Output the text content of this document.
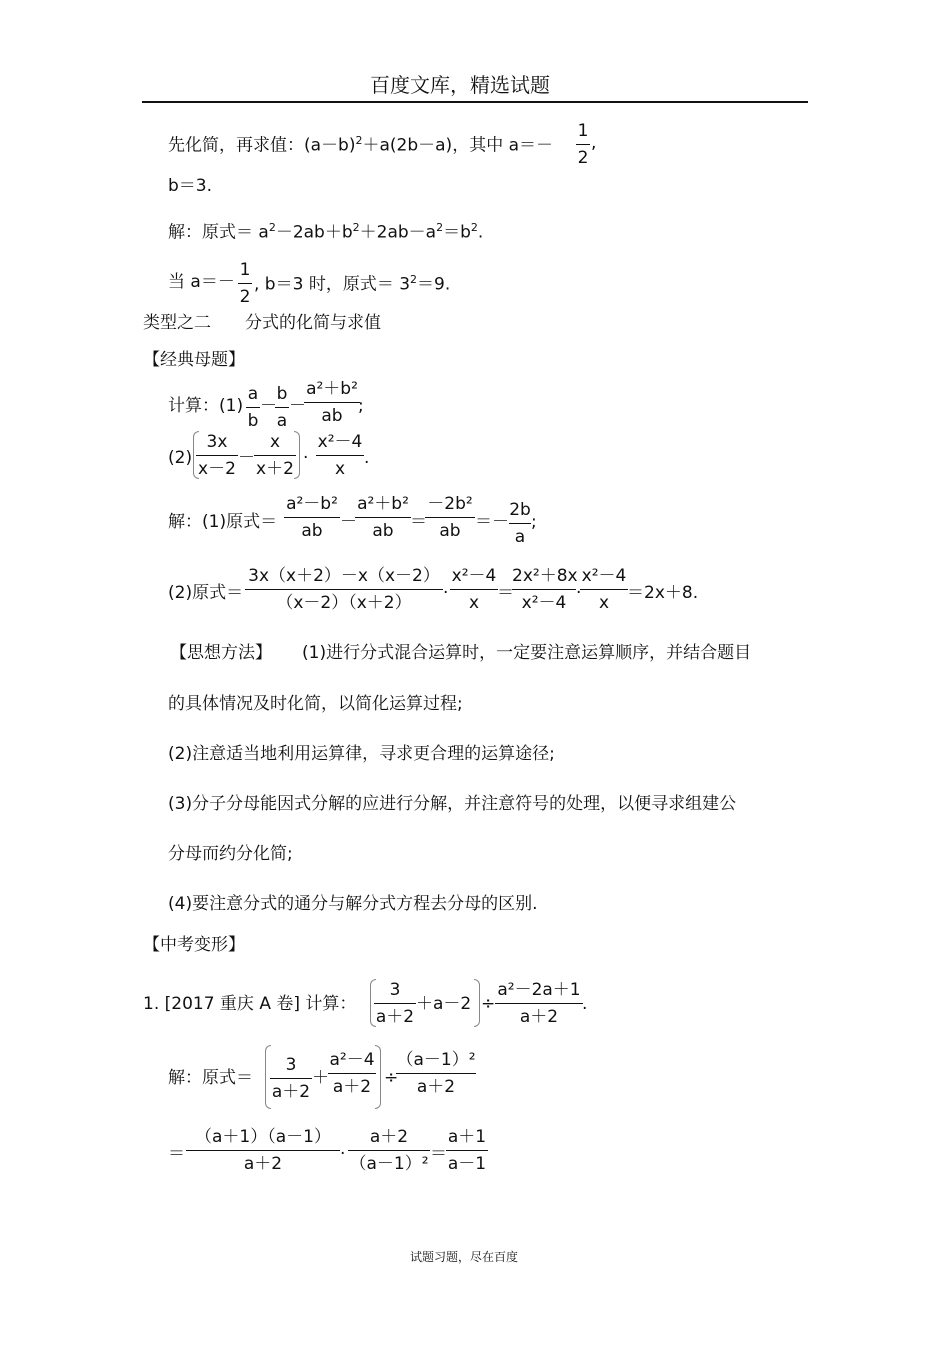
百度文库，精选试题
先化简，再求值：$(a-b)^2+a(2b-a)$，其中 a＝－
1
2
,
b＝3.
解：原式＝ $a^2-2ab+b^2+2ab-a^2=b^2$.
当 a＝－
1
2
, b＝3 时，原式＝ $3^2=9$.
类型之二　　分式的化简与求值
【经典母题】
计算：(1)
a
b
－
b
a
－
a²＋b²
ab ;
(2)
3x
x－2
－
x
x＋2
·
x²－4
x
.
解：(1)原式＝
a²－b²
ab	－
a²＋b²
ab ＝
－2b²
ab ＝－
2b
a
;
(2)原式＝
3x（x＋2）－x（x－2）
（x－2）（x＋2）	·
x²－4
x	＝
2x²＋8x
x²－4 ·
x²－4
x	＝2x＋8.
【思想方法】 (1)进行分式混合运算时，一定要注意运算顺序，并结合题目
的具体情况及时化简，以简化运算过程;
(2)注意适当地利用运算律，寻求更合理的运算途径;
(3)分子分母能因式分解的应进行分解，并注意符号的处理，以便寻求组建公
分母而约分化简;
(4)要注意分式的通分与解分式方程去分母的区别.
【中考变形】
1. [2017 重庆 A 卷] 计算：
3
a＋2
＋a－2 ÷
a²－2a＋1
a＋2
.
解：原式＝
3
a＋2
＋
a²－4
a＋2 ÷
（a－1）²
a＋2
＝
（a＋1）（a－1）
a＋2	·
a＋2
（a－1）² ＝
a＋1
a－1
试题习题，尽在百度
